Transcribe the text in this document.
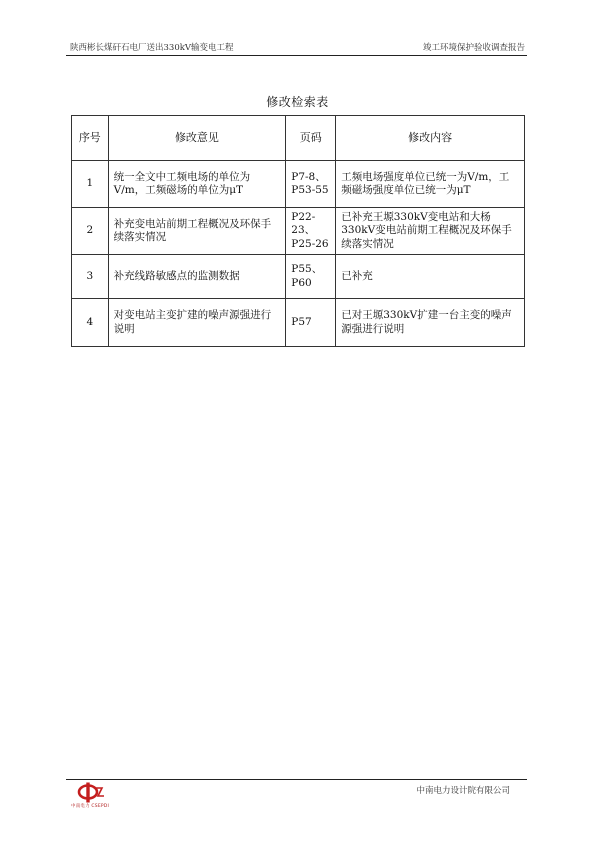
陕西彬长煤矸石电厂送出330kV输变电工程	竣工环境保护验收调查报告
修改检索表
序号	修改意见	页码	修改内容
1	统一全文中工频电场的单位为V/m，工频磁场的单位为μT	P7-8、P53-55	工频电场强度单位已统一为V/m，工频磁场强度单位已统一为μT
2	补充变电站前期工程概况及环保手续落实情况	P22-23、P25-26	已补充王塬330kV变电站和大杨330kV变电站前期工程概况及环保手续落实情况
3	补充线路敏感点的监测数据	P55、P60	已补充
4	对变电站主变扩建的噪声源强进行说明	P57	已对王塬330kV扩建一台主变的噪声源强进行说明
中南电力 CSEPDI
中南电力设计院有限公司
